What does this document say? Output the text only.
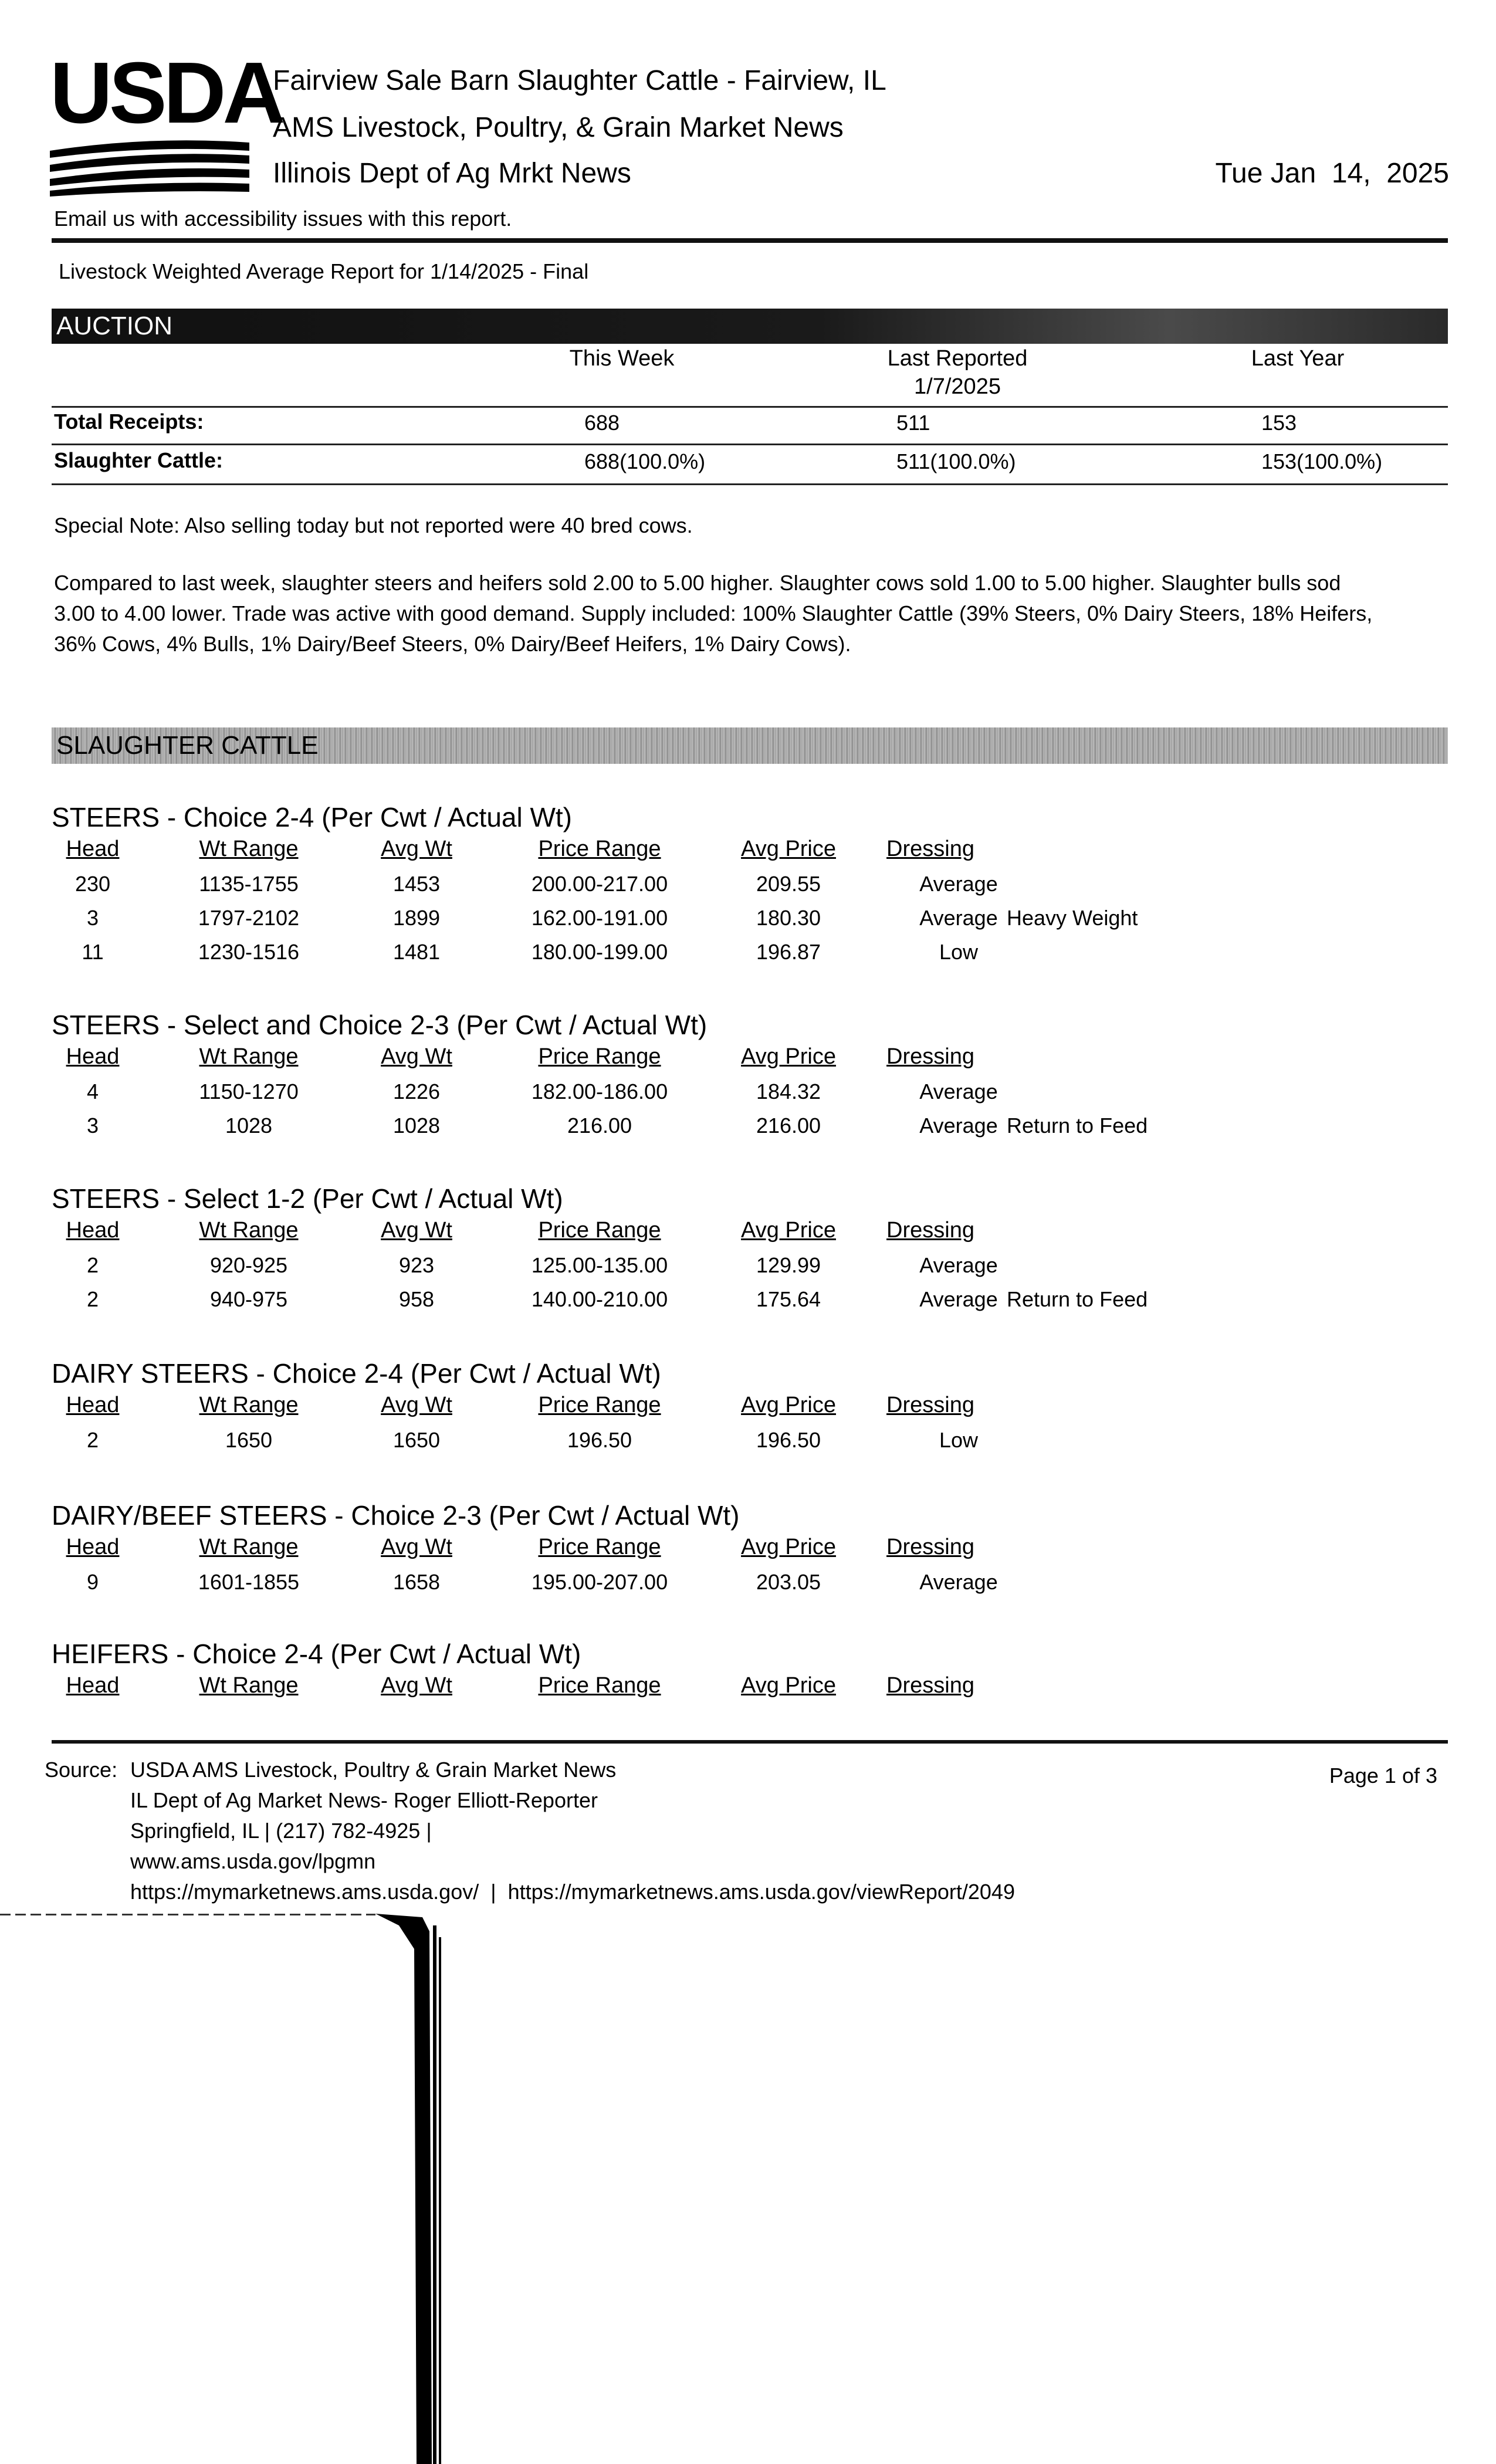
USDA
Fairview Sale Barn Slaughter Cattle - Fairview, IL
AMS Livestock, Poultry, & Grain Market News
Illinois Dept of Ag Mrkt News	Tue Jan  14,  2025
Email us with accessibility issues with this report.
Livestock Weighted Average Report for 1/14/2025 - Final
AUCTION
This Week	Last Reported
1/7/2025
Last Year
Total Receipts:	688	511	153
Slaughter Cattle:	688(100.0%)	511(100.0%)	153(100.0%)
Special Note: Also selling today but not reported were 40 bred cows.
Compared to last week, slaughter steers and heifers sold 2.00 to 5.00 higher. Slaughter cows sold 1.00 to 5.00 higher. Slaughter bulls sod
3.00 to 4.00 lower. Trade was active with good demand. Supply included: 100% Slaughter Cattle (39% Steers, 0% Dairy Steers, 18% Heifers,
36% Cows, 4% Bulls, 1% Dairy/Beef Steers, 0% Dairy/Beef Heifers, 1% Dairy Cows).
SLAUGHTER CATTLE
STEERS - Choice 2-4 (Per Cwt / Actual Wt)
Head	Wt Range	Avg Wt	Price Range	Avg Price Dressing
230	1135-1755	1453	200.00-217.00	209.55	Average
3	1797-2102	1899	162.00-191.00	180.30	Average Heavy Weight
11	1230-1516	1481	180.00-199.00	196.87	Low
STEERS - Select and Choice 2-3 (Per Cwt / Actual Wt)
Head	Wt Range	Avg Wt	Price Range	Avg Price Dressing
4	1150-1270	1226	182.00-186.00	184.32	Average
3	1028	1028	216.00	216.00	Average Return to Feed
STEERS - Select 1-2 (Per Cwt / Actual Wt)
Head	Wt Range	Avg Wt	Price Range	Avg Price Dressing
2	920-925	923	125.00-135.00	129.99	Average
2	940-975	958	140.00-210.00	175.64	Average Return to Feed
DAIRY STEERS - Choice 2-4 (Per Cwt / Actual Wt)
Head	Wt Range	Avg Wt	Price Range	Avg Price Dressing
2	1650	1650	196.50	196.50	Low
DAIRY/BEEF STEERS - Choice 2-3 (Per Cwt / Actual Wt)
Head	Wt Range	Avg Wt	Price Range	Avg Price Dressing
9	1601-1855	1658	195.00-207.00	203.05	Average
HEIFERS - Choice 2-4 (Per Cwt / Actual Wt)
Head	Wt Range	Avg Wt	Price Range	Avg Price Dressing
Source: USDA AMS Livestock, Poultry & Grain Market News
IL Dept of Ag Market News- Roger Elliott-Reporter
Springfield, IL | (217) 782-4925 |
www.ams.usda.gov/lpgmn
https://mymarketnews.ams.usda.gov/  |  https://mymarketnews.ams.usda.gov/viewReport/2049
Page 1 of 3
